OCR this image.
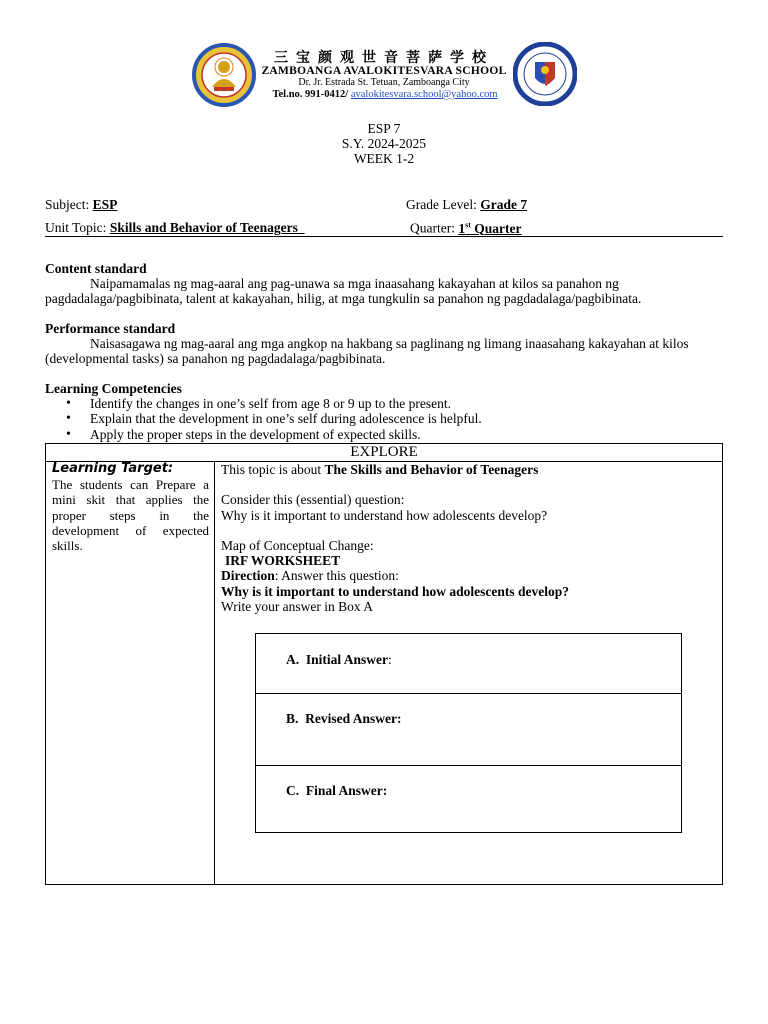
三宝颜观世音菩萨学校
ZAMBOANGA AVALOKITESVARA SCHOOL
Dr. Jr. Estrada St. Tetuan, Zamboanga City
Tel.no. 991-0412/ avalokitesvara.school@yahoo.com
ESP 7
S.Y. 2024-2025
WEEK 1-2
Subject: ESP	Grade Level: Grade 7
Unit Topic: Skills and Behavior of Teenagers	Quarter: 1st Quarter
Content standard
Naipamamalas ng mag-aaral ang pag-unawa sa mga inaasahang kakayahan at kilos sa panahon ng pagdadalaga/pagbibinata, talent at kakayahan, hilig, at mga tungkulin sa panahon ng pagdadalaga/pagbibinata.
Performance standard
Naisasagawa ng mag-aaral ang mga angkop na hakbang sa paglinang ng limang inaasahang kakayahan at kilos (developmental tasks) sa panahon ng pagdadalaga/pagbibinata.
Learning Competencies
• Identify the changes in one’s self from age 8 or 9 up to the present.
• Explain that the development in one’s self during adolescence is helpful.
• Apply the proper steps in the development of expected skills.
EXPLORE
Learning Target:
The students can Prepare a mini skit that applies the proper steps in the development of expected skills.
This topic is about The Skills and Behavior of Teenagers
Consider this (essential) question:
Why is it important to understand how adolescents develop?
Map of Conceptual Change:
IRF WORKSHEET
Direction: Answer this question:
Why is it important to understand how adolescents develop?
Write your answer in Box A
A. Initial Answer:
B. Revised Answer:
C. Final Answer:
